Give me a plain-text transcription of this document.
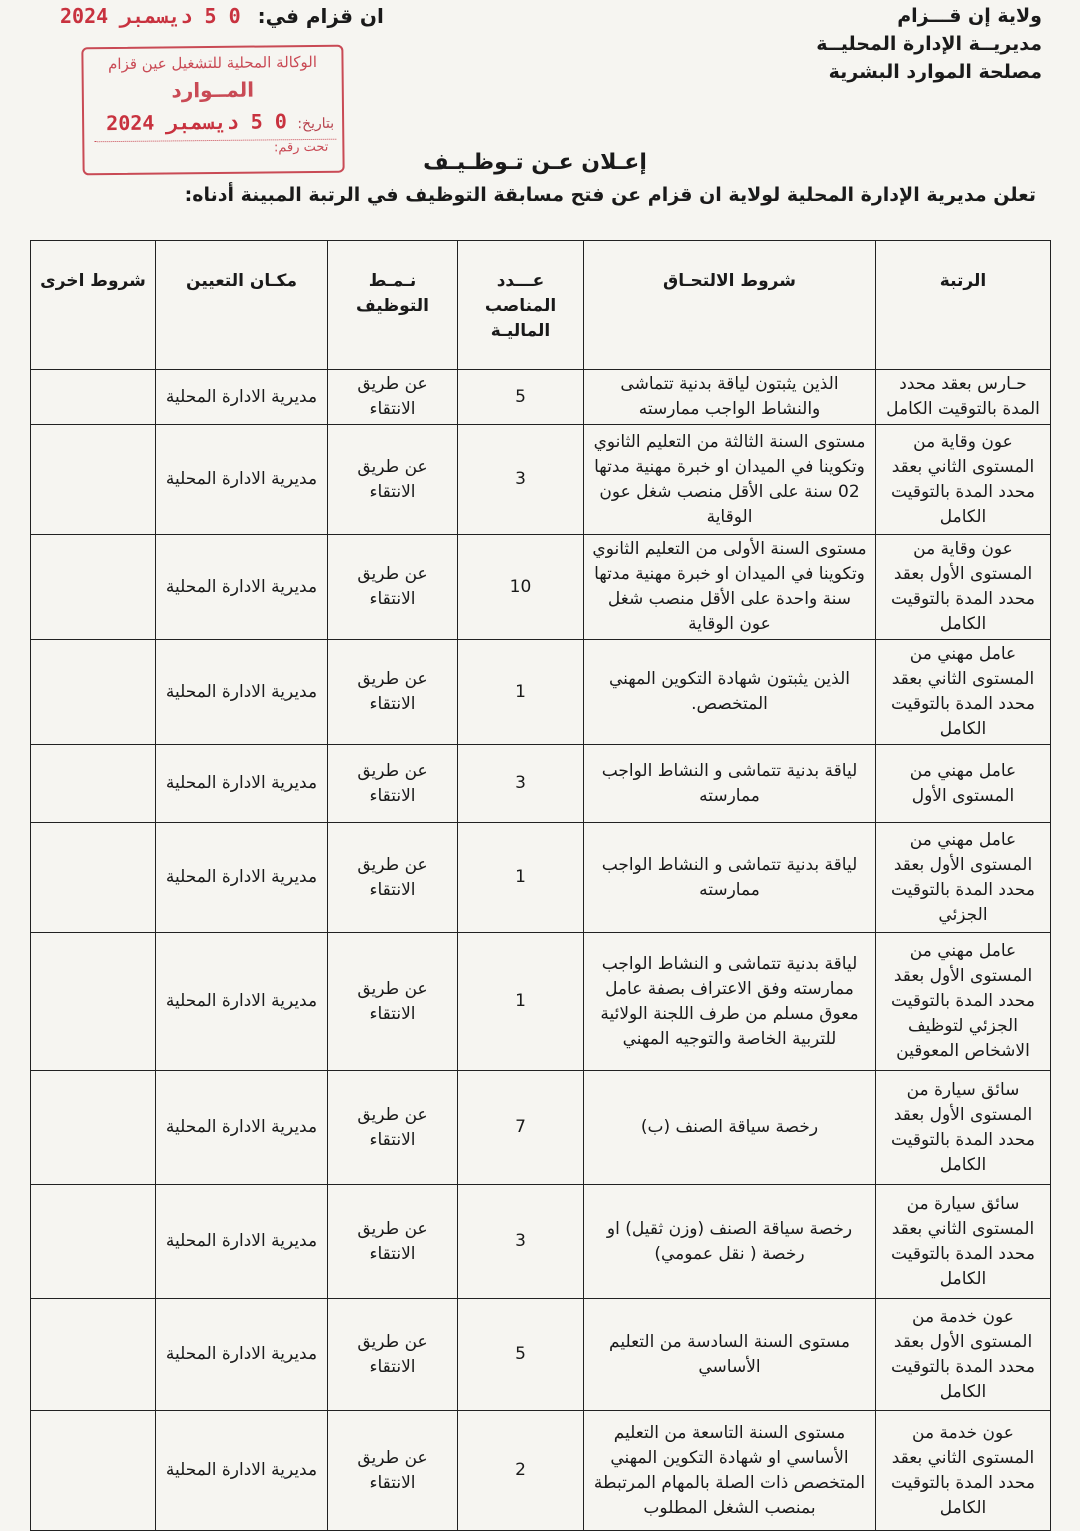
ولاية إن قـــزام
مديريــة الإدارة المحليــة
مصلحة الموارد البشرية
ان قزام في: 0 5 ديسمبر 2024
الوكالة المحلية للتشغيل عين قزام
المــوارد
بتاريخ: 0 5 ديسمبر 2024
تحت رقم:
إعـلان عـن تـوظـيـف
تعلن مديرية الإدارة المحلية لولاية ان قزام عن فتح مسابقة التوظيف في الرتبة المبينة أدناه:
الرتبة	شروط الالتحـاق	عـــدد المناصب الماليـة	نـمـط التوظيف	مكـان التعيين	شروط اخرى
حـارس بعقد محدد المدة بالتوقيت الكامل	الذين يثبتون لياقة بدنية تتماشى والنشاط الواجب ممارسته	5	عن طريق الانتقاء	مديرية الادارة المحلية	
عون وقاية من المستوى الثاني بعقد محدد المدة بالتوقيت الكامل	مستوى السنة الثالثة من التعليم الثانوي وتكوينا في الميدان او خبرة مهنية مدتها 02 سنة على الأقل منصب شغل عون الوقاية	3	عن طريق الانتقاء	مديرية الادارة المحلية	
عون وقاية من المستوى الأول بعقد محدد المدة بالتوقيت الكامل	مستوى السنة الأولى من التعليم الثانوي وتكوينا في الميدان او خبرة مهنية مدتها سنة واحدة على الأقل منصب شغل عون الوقاية	10	عن طريق الانتقاء	مديرية الادارة المحلية	
عامل مهني من المستوى الثاني بعقد محدد المدة بالتوقيت الكامل	الذين يثبتون شهادة التكوين المهني المتخصص.	1	عن طريق الانتقاء	مديرية الادارة المحلية	
عامل مهني من المستوى الأول	لياقة بدنية تتماشى و النشاط الواجب ممارسته	3	عن طريق الانتقاء	مديرية الادارة المحلية	
عامل مهني من المستوى الأول بعقد محدد المدة بالتوقيت الجزئي	لياقة بدنية تتماشى و النشاط الواجب ممارسته	1	عن طريق الانتقاء	مديرية الادارة المحلية	
عامل مهني من المستوى الأول بعقد محدد المدة بالتوقيت الجزئي لتوظيف الاشخاص المعوقين	لياقة بدنية تتماشى و النشاط الواجب ممارسته وفق الاعتراف بصفة عامل معوق مسلم من طرف اللجنة الولائية للتربية الخاصة والتوجيه المهني	1	عن طريق الانتقاء	مديرية الادارة المحلية	
سائق سيارة من المستوى الأول بعقد محدد المدة بالتوقيت الكامل	رخصة سياقة الصنف (ب)	7	عن طريق الانتقاء	مديرية الادارة المحلية	
سائق سيارة من المستوى الثاني بعقد محدد المدة بالتوقيت الكامل	رخصة سياقة الصنف (وزن ثقيل) او رخصة ( نقل عمومي)	3	عن طريق الانتقاء	مديرية الادارة المحلية	
عون خدمة من المستوى الأول بعقد محدد المدة بالتوقيت الكامل	مستوى السنة السادسة من التعليم الأساسي	5	عن طريق الانتقاء	مديرية الادارة المحلية	
عون خدمة من المستوى الثاني بعقد محدد المدة بالتوقيت الكامل	مستوى السنة التاسعة من التعليم الأساسي او شهادة التكوين المهني المتخصص ذات الصلة بالمهام المرتبطة بمنصب الشغل المطلوب	2	عن طريق الانتقاء	مديرية الادارة المحلية	
